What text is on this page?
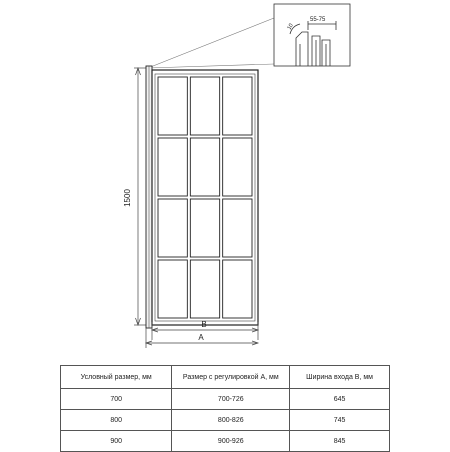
10
55-75
1500
B
A
Условный размер, мм	Размер с регулировкой А, мм	Ширина входа B, мм
700	700-726	645
800	800-826	745
900	900-926	845
